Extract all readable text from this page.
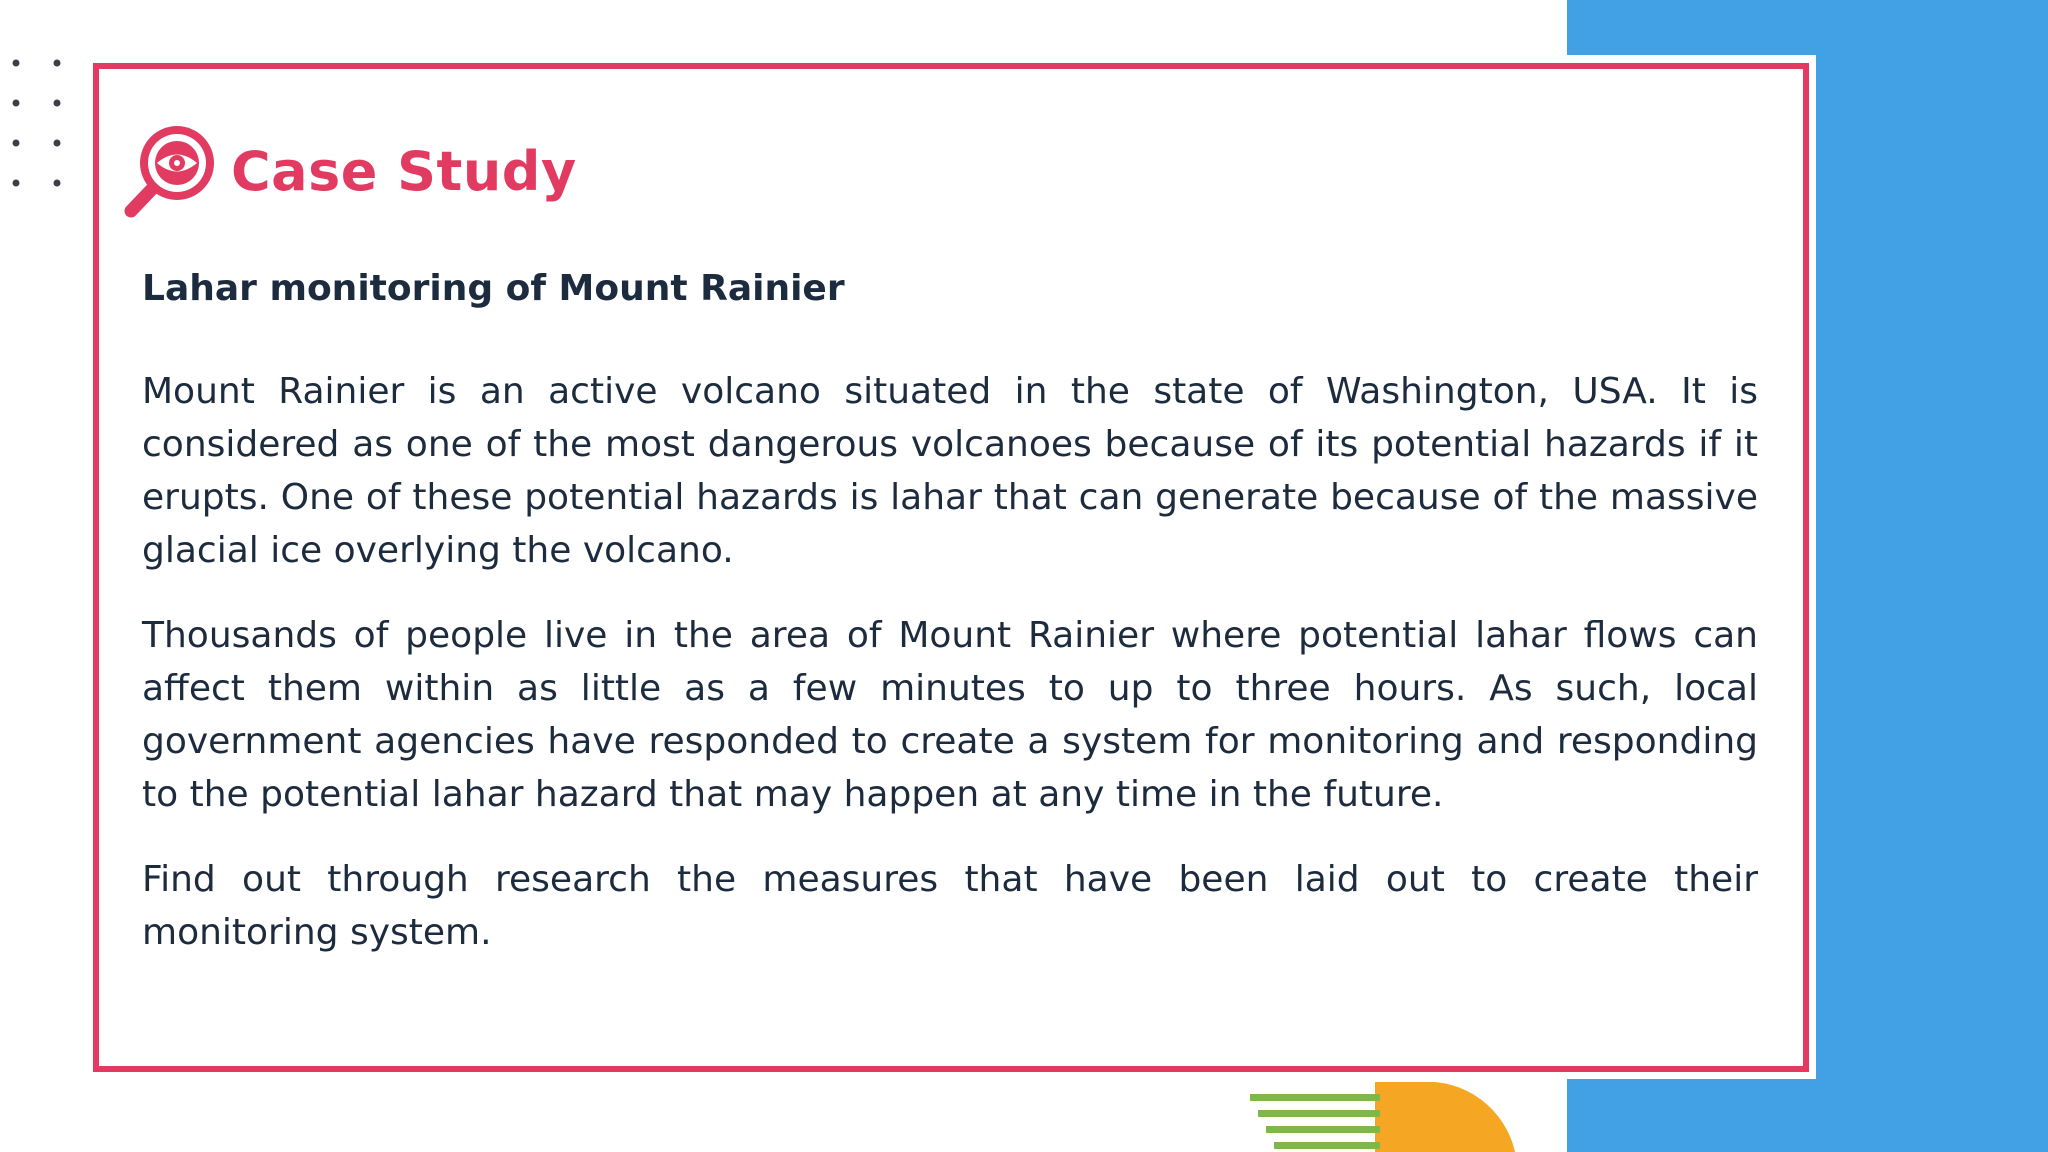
Case Study
Lahar monitoring of Mount Rainier

Mount Rainier is an active volcano situated in the state of Washington, USA. It is considered as one of the most dangerous volcanoes because of its potential hazards if it erupts. One of these potential hazards is lahar that can generate because of the massive glacial ice overlying the volcano.

Thousands of people live in the area of Mount Rainier where potential lahar flows can affect them within as little as a few minutes to up to three hours. As such, local government agencies have responded to create a system for monitoring and responding to the potential lahar hazard that may happen at any time in the future.

Find out through research the measures that have been laid out to create their monitoring system.
